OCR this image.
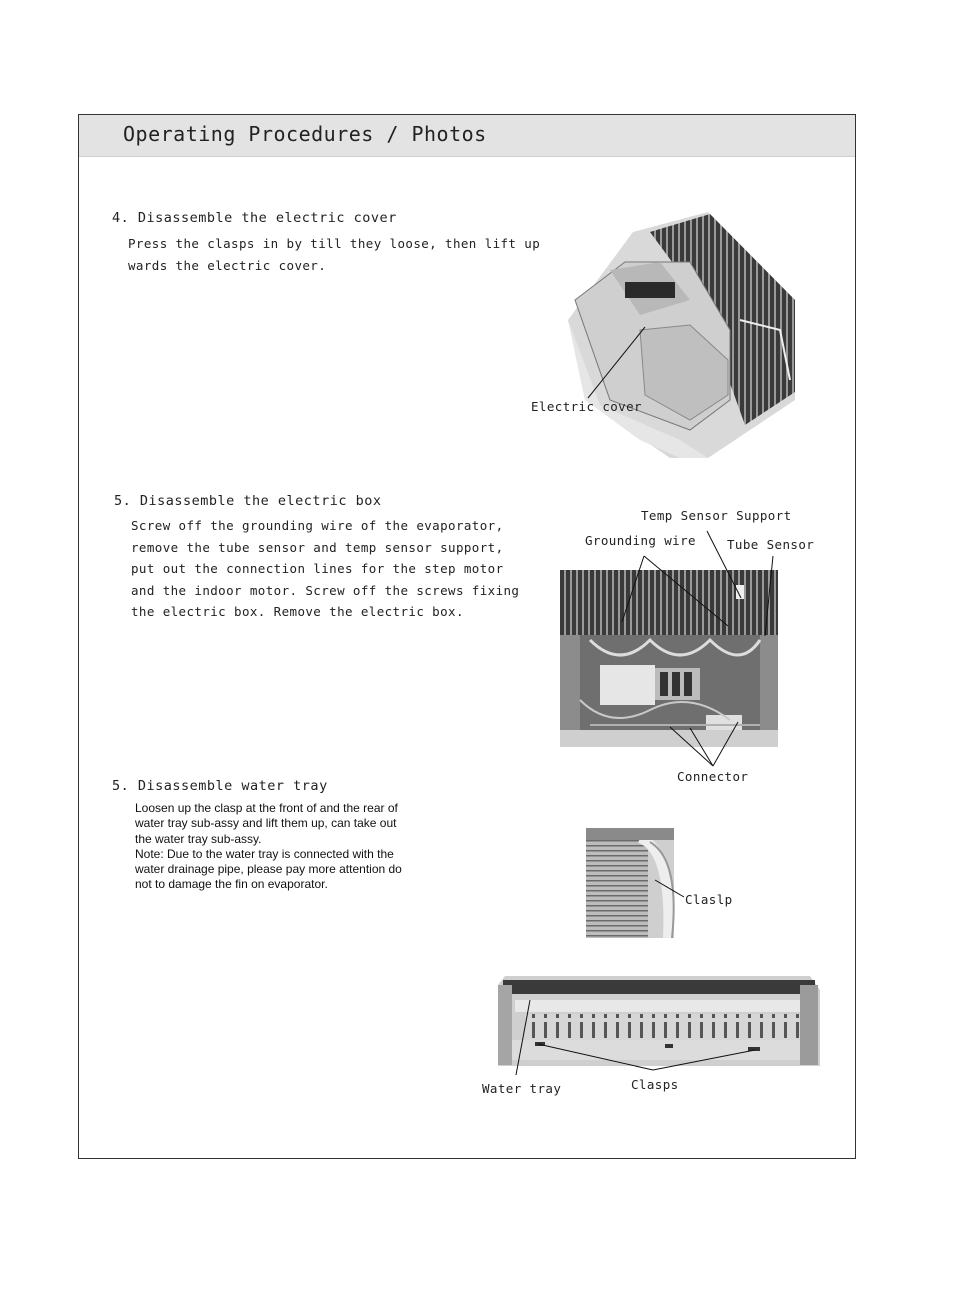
Operating Procedures / Photos
4. Disassemble the electric cover
Press the clasps in by till they loose, then lift up
wards the electric cover.
5. Disassemble the electric box
Screw off the grounding wire of the evaporator,
remove the tube sensor and temp sensor support,
put out the connection lines for the step motor
and the indoor motor. Screw off the screws fixing
the electric box. Remove the electric box.
5. Disassemble water tray
Loosen up the clasp at the front of and the rear of
water tray sub-assy and lift them up, can take out
the water tray sub-assy.
Note: Due to the water tray is connected with the
water drainage pipe, please pay more attention do
not to damage the fin on evaporator.
Electric cover
Temp Sensor Support
Grounding wire Tube Sensor
Connector
Claslp
Water tray	Clasps
